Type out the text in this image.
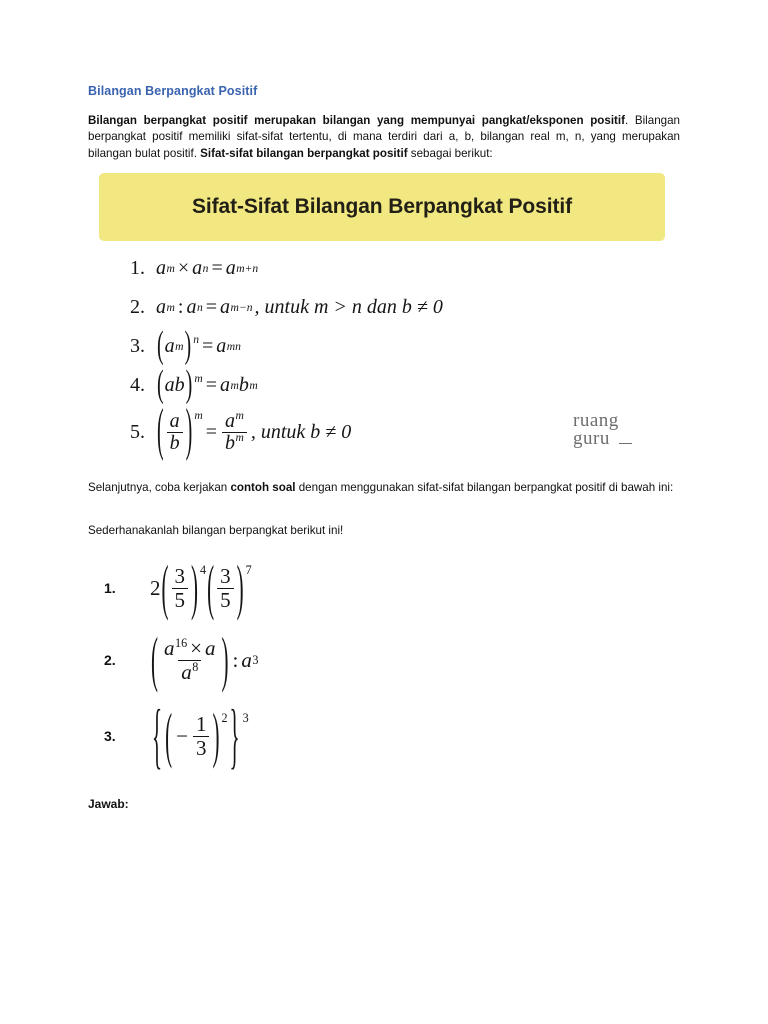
Bilangan Berpangkat Positif

Bilangan berpangkat positif merupakan bilangan yang mempunyai pangkat/eksponen positif. Bilangan berpangkat positif memiliki sifat-sifat tertentu, di mana terdiri dari a, b, bilangan real m, n, yang merupakan bilangan bulat positif. Sifat-sifat bilangan berpangkat positif sebagai berikut:

Sifat-Sifat Bilangan Berpangkat Positif
1. a m × a n = a m+n
2. a m : a n = a m−n , untuk m > n dan b ≠ 0
3. ( a m ) n = a mn
4. ( ab ) m = a m b m
5. ( $\frac{a}{b}$ ) m
= $\frac{a^m}{b^m}$ , untuk b ≠ 0	ruang
guru
Selanjutnya, coba kerjakan contoh soal dengan menggunakan sifat-sifat bilangan berpangkat positif di bawah ini:
Sederhanakanlah bilangan berpangkat berikut ini!
1.	2 ( $\frac{3}{5}$ ) 4 ( $\frac{3}{5}$ ) 7
2.	( $\frac{a^{16} \times a}{a^8}$ ) : a 3
3.	{ ( − $\frac{1}{3}$ ) 2 } 3
Jawab:
